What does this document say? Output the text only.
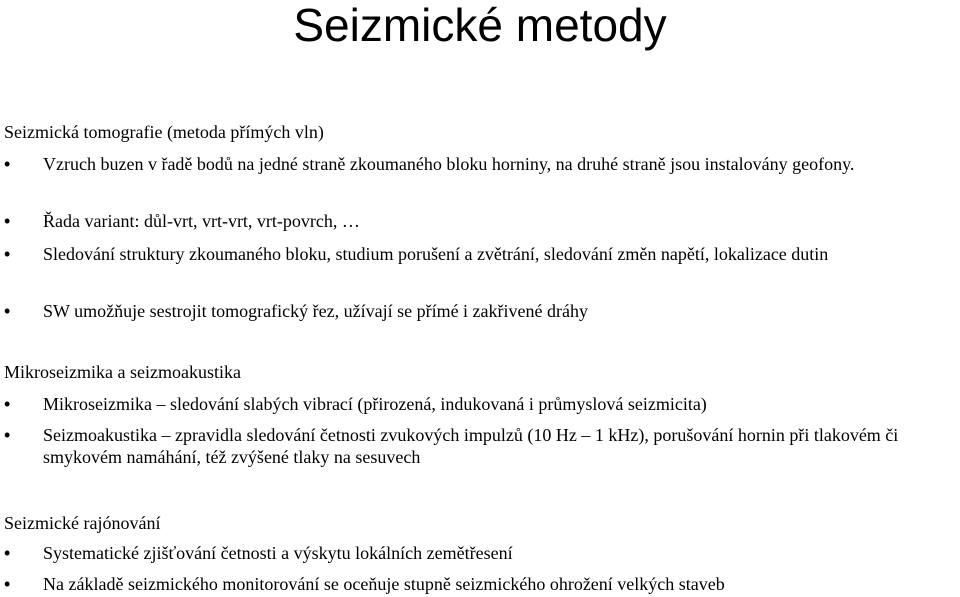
Seizmické metody
Seizmická tomografie (metoda přímých vln)
• Vzruch buzen v řadě bodů na jedné straně zkoumaného bloku horniny, na druhé straně jsou instalovány geofony.
• Řada variant: důl-vrt, vrt-vrt, vrt-povrch, …
• Sledování struktury zkoumaného bloku, studium porušení a zvětrání, sledování změn napětí, lokalizace dutin
• SW umožňuje sestrojit tomografický řez, užívají se přímé i zakřivené dráhy
Mikroseizmika a seizmoakustika
• Mikroseizmika – sledování slabých vibrací (přirozená, indukovaná i průmyslová seizmicita)
• Seizmoakustika – zpravidla sledování četnosti zvukových impulzů (10 Hz – 1 kHz), porušování hornin při tlakovém či smykovém namáhání, též zvýšené tlaky na sesuvech
Seizmické rajónování
• Systematické zjišťování četnosti a výskytu lokálních zemětřesení
• Na základě seizmického monitorování se oceňuje stupně seizmického ohrožení velkých staveb
